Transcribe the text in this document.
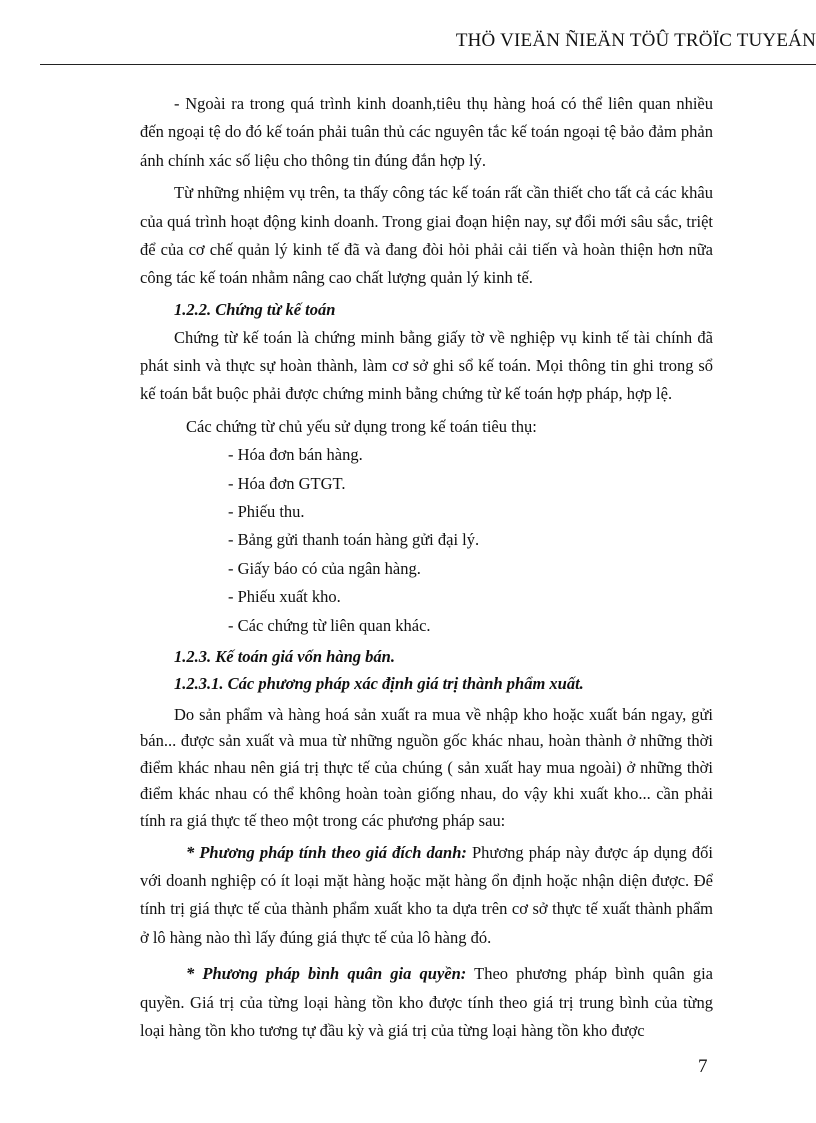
THÖ VIEÄN ÑIEÄN TÖÛ TRÖÏC TUYEÁN

- Ngoài ra trong quá trình kinh doanh,tiêu thụ hàng hoá có thể liên quan nhiều đến ngoại tệ do đó kế toán phải tuân thủ các nguyên tắc kế toán ngoại tệ bảo đảm phản ánh chính xác số liệu cho thông tin đúng đắn hợp lý.

Từ những nhiệm vụ trên, ta thấy công tác kế toán rất cần thiết cho tất cả các khâu của quá trình hoạt động kinh doanh. Trong giai đoạn hiện nay, sự đổi mới sâu sắc, triệt để của cơ chế quản lý kinh tế đã và đang đòi hỏi phải cải tiến và hoàn thiện hơn nữa công tác kế toán nhằm nâng cao chất lượng quản lý kinh tế.

1.2.2. Chứng từ kế toán

Chứng từ kế toán là chứng minh bằng giấy tờ về nghiệp vụ kinh tế tài chính đã phát sinh và thực sự hoàn thành, làm cơ sở ghi sổ kế toán. Mọi thông tin ghi trong sổ kế toán bắt buộc phải được chứng minh bằng chứng từ kế toán hợp pháp, hợp lệ.

Các chứng từ chủ yếu sử dụng trong kế toán tiêu thụ:

- Hóa đơn bán hàng.

- Hóa đơn GTGT.

- Phiếu thu.

- Bảng gửi thanh toán hàng gửi đại lý.

- Giấy báo có của ngân hàng.

- Phiếu xuất kho.

- Các chứng từ liên quan khác.

1.2.3. Kế toán giá vốn hàng bán.

1.2.3.1. Các phương pháp xác định giá trị thành phẩm xuất.

Do sản phẩm và hàng hoá sản xuất ra mua về nhập kho hoặc xuất bán ngay, gửi bán... được sản xuất và mua từ những nguồn gốc khác nhau, hoàn thành ở những thời điểm khác nhau nên giá trị thực tế của chúng ( sản xuất hay mua ngoài) ở những thời điểm khác nhau có thể không hoàn toàn giống nhau, do vậy khi xuất kho... cần phải tính ra giá thực tế theo một trong các phương pháp sau:

* Phương pháp tính theo giá đích danh: Phương pháp này được áp dụng đối với doanh nghiệp có ít loại mặt hàng hoặc mặt hàng ổn định hoặc nhận diện được. Để tính trị giá thực tế của thành phẩm xuất kho ta dựa trên cơ sở thực tế xuất thành phẩm ở lô hàng nào thì lấy đúng giá thực tế của lô hàng đó.

* Phương pháp bình quân gia quyền: Theo phương pháp bình quân gia quyền. Giá trị của từng loại hàng tồn kho được tính theo giá trị trung bình của từng loại hàng tồn kho tương tự đầu kỳ và giá trị của từng loại hàng tồn kho được

7
